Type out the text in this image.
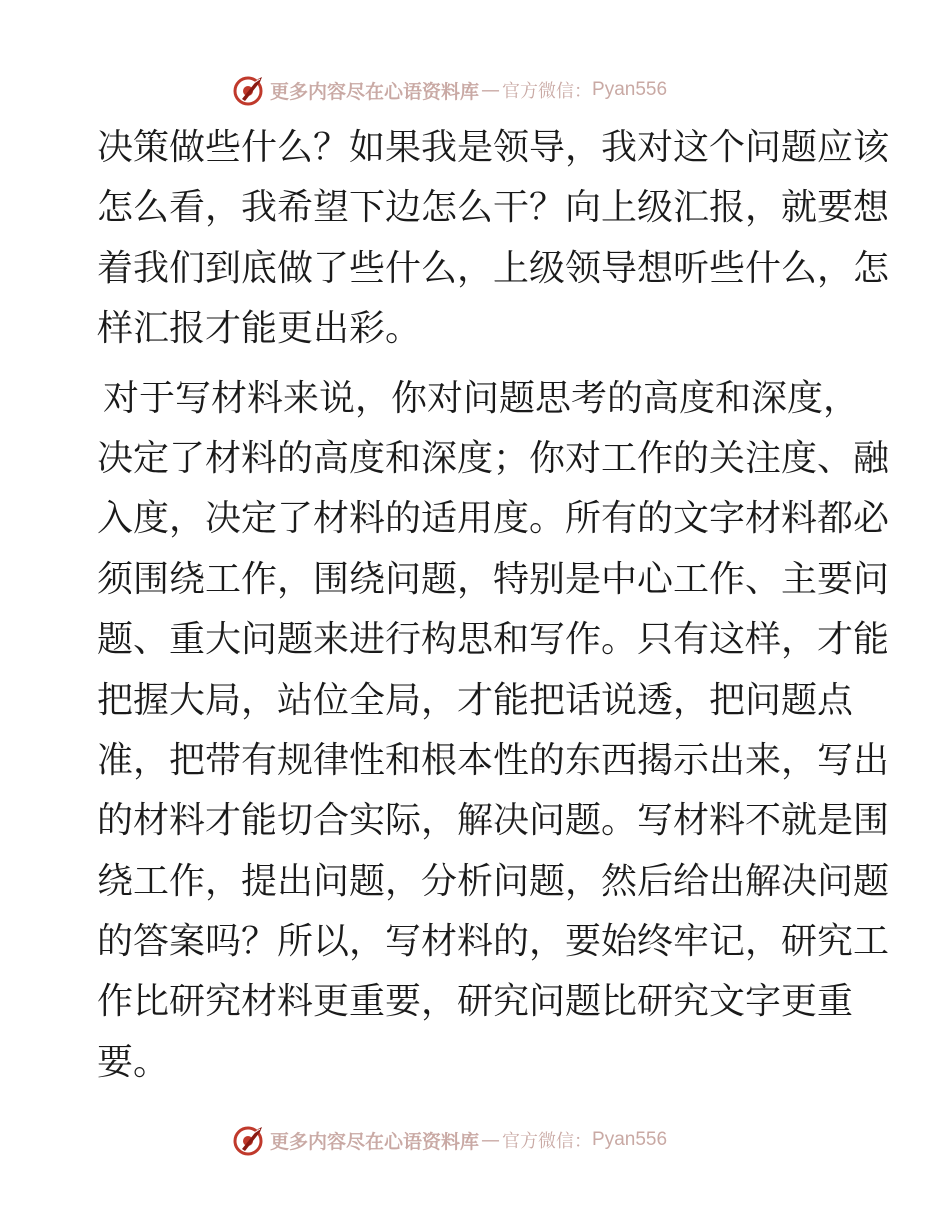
更多内容尽在心语资料库 — 官方微信： Pyan556
决策做些什么？如果我是领导，我对这个问题应该
怎么看，我希望下边怎么干？向上级汇报，就要想
着我们到底做了些什么，上级领导想听些什么，怎
样汇报才能更出彩。
对于写材料来说，你对问题思考的高度和深度，
决定了材料的高度和深度；你对工作的关注度、融
入度，决定了材料的适用度。所有的文字材料都必
须围绕工作，围绕问题，特别是中心工作、主要问
题、重大问题来进行构思和写作。只有这样，才能
把握大局，站位全局，才能把话说透，把问题点
准，把带有规律性和根本性的东西揭示出来，写出
的材料才能切合实际，解决问题。写材料不就是围
绕工作，提出问题，分析问题，然后给出解决问题
的答案吗？所以，写材料的，要始终牢记，研究工
作比研究材料更重要，研究问题比研究文字更重
要。
更多内容尽在心语资料库 — 官方微信： Pyan556
